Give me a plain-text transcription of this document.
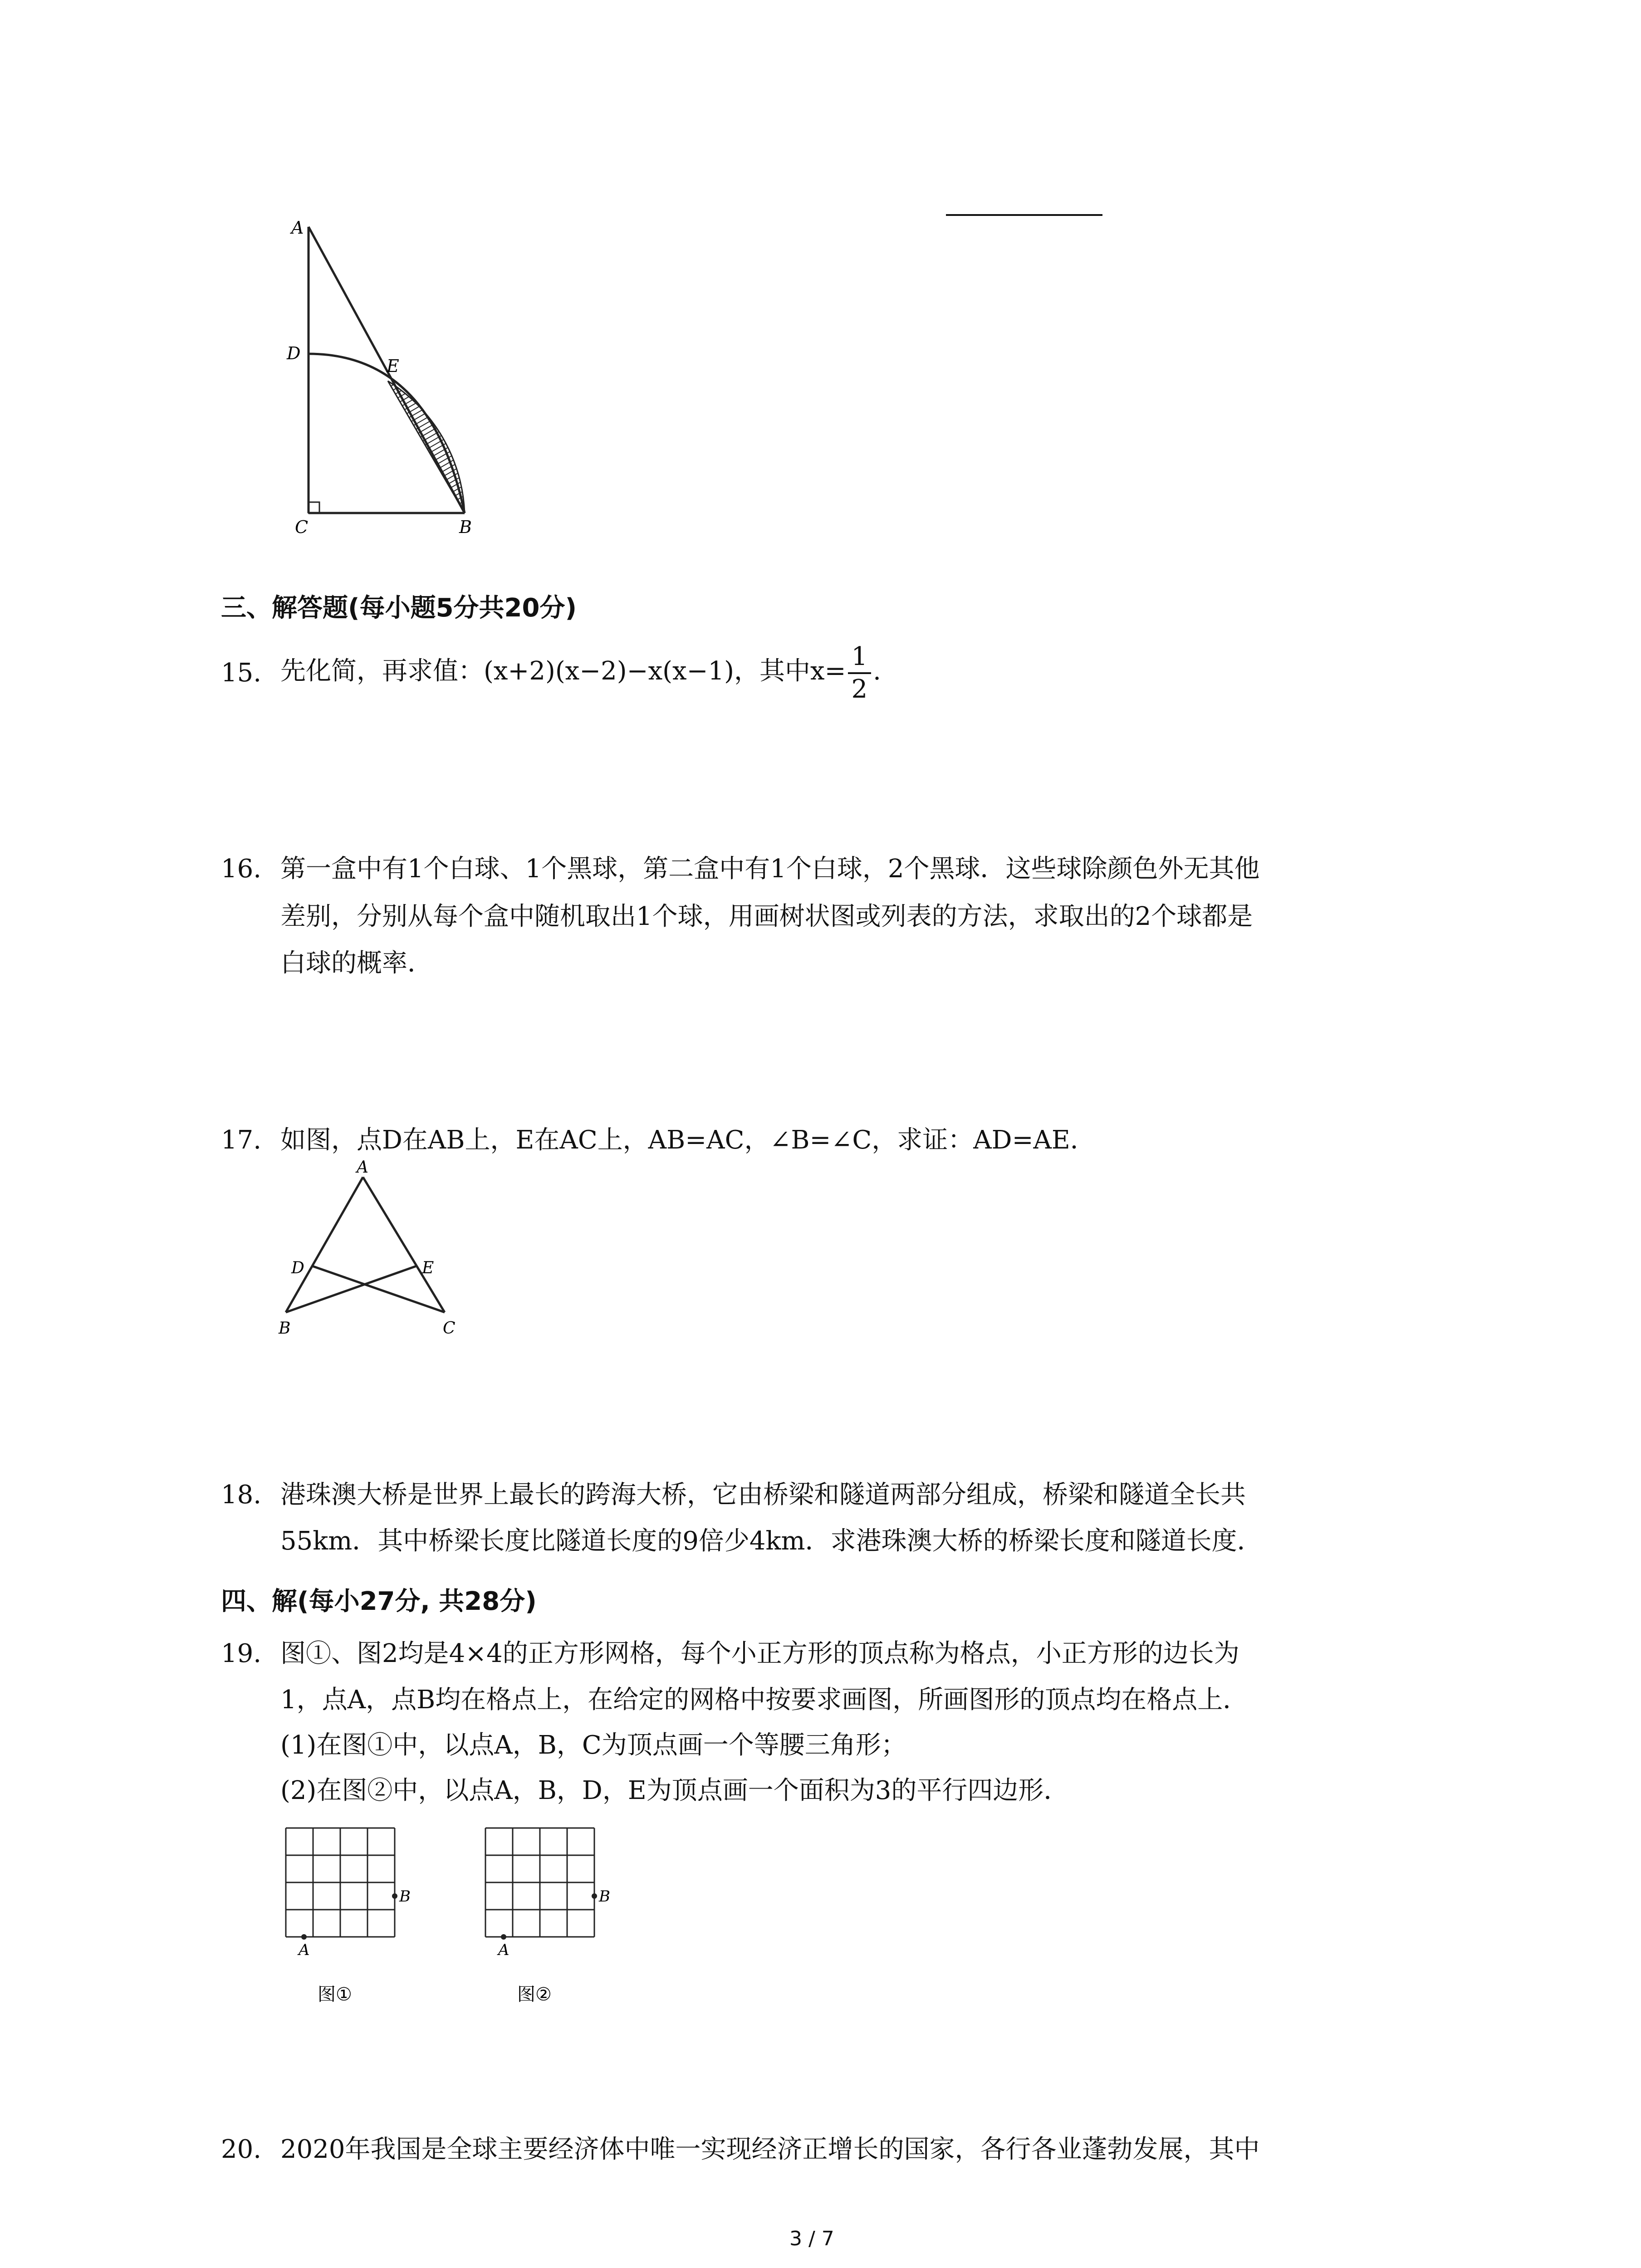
A
D
E
C	B
三、解答题(每小题5分共20分)
15. 先化简，再求值：(x+2)(x−2)−x(x−1)，其中$x= \frac{1}{2}$ .
16. 第一盒中有1个白球、1个黑球，第二盒中有1个白球，2个黑球．这些球除颜色外无其他
差别，分别从每个盒中随机取出1个球，用画树状图或列表的方法，求取出的2个球都是
白球的概率．
17. 如图，点D在AB上，E在AC上，AB=AC，∠B=∠C，求证：AD=AE．
A
D	E
B	C
18. 港珠澳大桥是世界上最长的跨海大桥，它由桥梁和隧道两部分组成，桥梁和隧道全长共
55km．其中桥梁长度比隧道长度的9倍少4km．求港珠澳大桥的桥梁长度和隧道长度．
四、解(每小27分, 共28分)
19. 图①、图2均是4×4的正方形网格，每个小正方形的顶点称为格点，小正方形的边长为
1，点A，点B均在格点上，在给定的网格中按要求画图，所画图形的顶点均在格点上．
(1)在图①中，以点A，B，C为顶点画一个等腰三角形；
(2)在图②中，以点A，B，D，E为顶点画一个面积为3的平行四边形．
A
B
图①
A
B
图②
20. 2020年我国是全球主要经济体中唯一实现经济正增长的国家，各行各业蓬勃发展，其中
3 / 7
